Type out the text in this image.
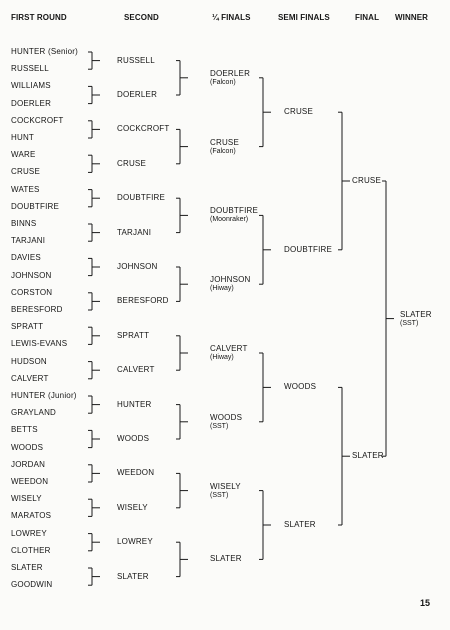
FIRST ROUND	SECOND	¼ FINALS	SEMI FINALS	FINAL WINNER
HUNTER (Senior)
RUSSELL
WILLIAMS
DOERLER
COCKCROFT
HUNT
WARE
CRUSE
WATES
DOUBTFIRE
BINNS
TARJANI
DAVIES
JOHNSON
CORSTON
BERESFORD
SPRATT
LEWIS-EVANS
HUDSON
CALVERT
HUNTER (Junior)
GRAYLAND
BETTS
WOODS
JORDAN
WEEDON
WISELY
MARATOS
LOWREY
CLOTHER
SLATER
GOODWIN
RUSSELL
DOERLER
COCKCROFT
CRUSE
DOUBTFIRE
TARJANI
JOHNSON
BERESFORD
SPRATT
CALVERT
HUNTER
WOODS
WEEDON
WISELY
LOWREY
SLATER
DOERLER
(Falcon)
CRUSE
(Falcon)
DOUBTFIRE
(Moonraker)
JOHNSON
(Hiway)
CALVERT
(Hiway)
WOODS
(SST)
WISELY
(SST)
SLATER
CRUSE
DOUBTFIRE
WOODS
SLATER
CRUSE
SLATER
SLATER
(SST)
15
